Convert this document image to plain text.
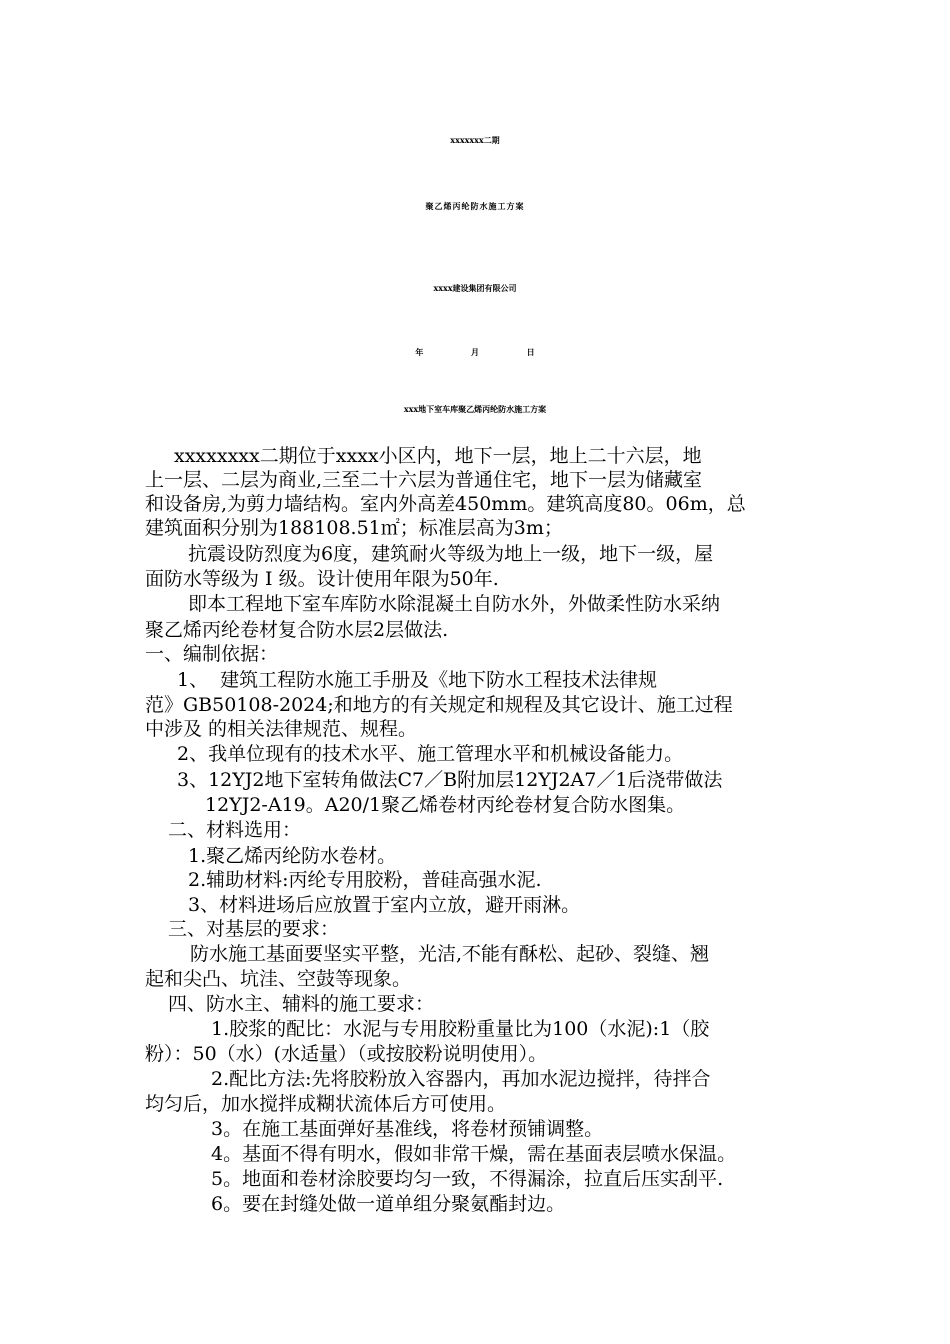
xxxxxxx二期
聚乙烯丙纶防水施工方案
xxxx建设集团有限公司
年	月	日
xxx地下室车库聚乙烯丙纶防水施工方案
xxxxxxxx二期位于xxxx小区内，地下一层，地上二十六层，地
上一层、二层为商业,三至二十六层为普通住宅，地下一层为储藏室
和设备房,为剪力墙结构。室内外高差450mm。建筑高度80。06m，总
建筑面积分别为188108.51㎡；标准层高为3m；
抗震设防烈度为6度，建筑耐火等级为地上一级，地下一级，屋
面防水等级为 Ⅰ 级。设计使用年限为50年.
即本工程地下室车库防水除混凝土自防水外，外做柔性防水采纳
聚乙烯丙纶卷材复合防水层2层做法.
一、编制依据：
1、 建筑工程防水施工手册及《地下防水工程技术法律规
范》GB50108-2024;和地方的有关规定和规程及其它设计、施工过程
中涉及 的相关法律规范、规程。
2、我单位现有的技术水平、施工管理水平和机械设备能力。
3、12YJ2地下室转角做法C7／B附加层12YJ2A7／1后浇带做法
12YJ2-A19。A20/1聚乙烯卷材丙纶卷材复合防水图集。
二、材料选用：
1.聚乙烯丙纶防水卷材。
2.辅助材料:丙纶专用胶粉，普硅高强水泥.
3、材料进场后应放置于室内立放，避开雨淋。
三、对基层的要求：
防水施工基面要坚实平整，光洁,不能有酥松、起砂、裂缝、翘
起和尖凸、坑洼、空鼓等现象。
四、防水主、辅料的施工要求：
1.胶浆的配比：水泥与专用胶粉重量比为100（水泥):1（胶
粉）：50（水）(水适量）（或按胶粉说明使用）。
2.配比方法:先将胶粉放入容器内，再加水泥边搅拌，待拌合
均匀后，加水搅拌成糊状流体后方可使用。
3。在施工基面弹好基准线，将卷材预铺调整。
4。基面不得有明水，假如非常干燥，需在基面表层喷水保温。
5。地面和卷材涂胶要均匀一致，不得漏涂，拉直后压实刮平.
6。要在封缝处做一道单组分聚氨酯封边。
